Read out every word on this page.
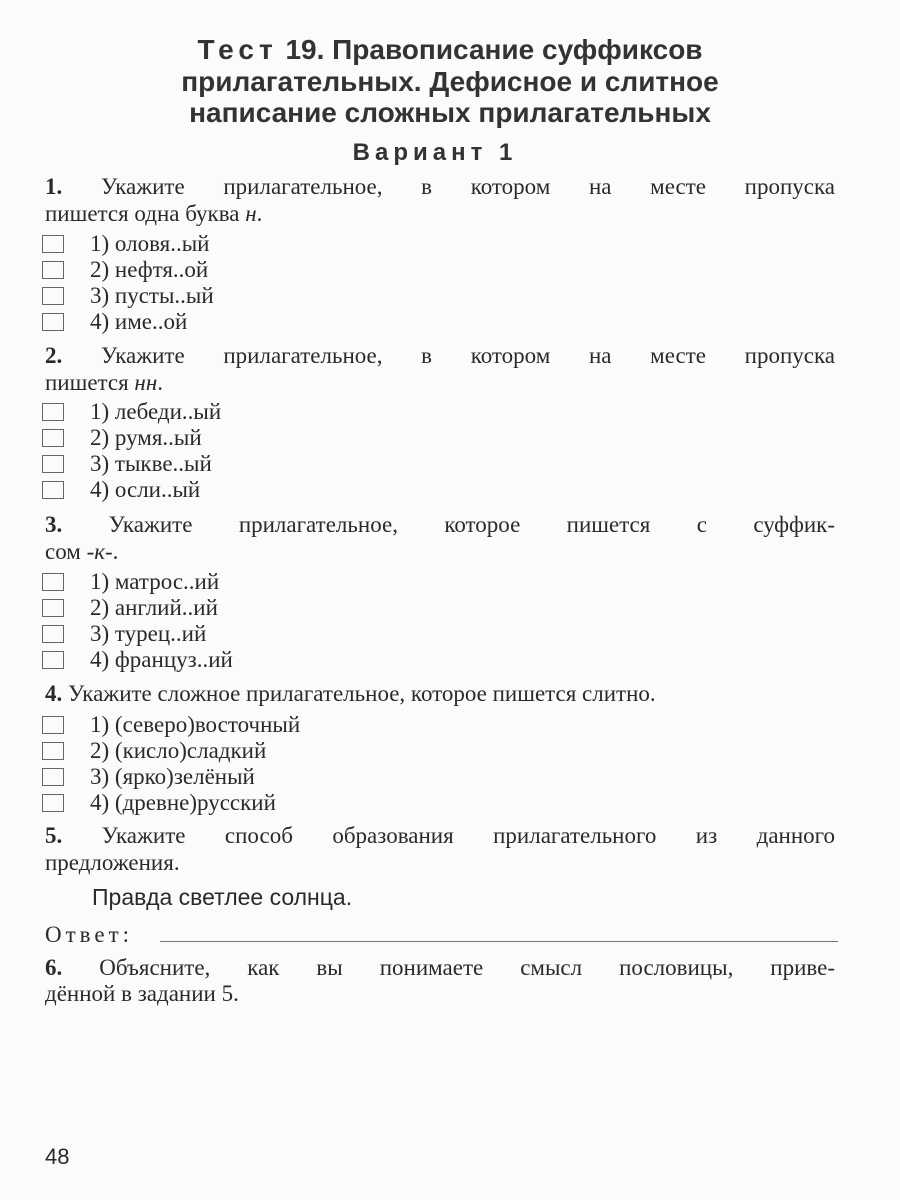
Тест 19. Правописание суффиксов
прилагательных. Дефисное и слитное
написание сложных прилагательных
Вариант 1
1. Укажите прилагательное, в котором на месте пропуска
пишется одна буква н.
1) оловя..ый
2) нефтя..ой
3) пусты..ый
4) име..ой
2. Укажите прилагательное, в котором на месте пропуска
пишется нн.
1) лебеди..ый
2) румя..ый
3) тыкве..ый
4) осли..ый
3. Укажите прилагательное, которое пишется с суффик-
сом -к-.
1) матрос..ий
2) англий..ий
3) турец..ий
4) француз..ий
4. Укажите сложное прилагательное, которое пишется слитно.
1) (северо)восточный
2) (кисло)сладкий
3) (ярко)зелёный
4) (древне)русский
5. Укажите способ образования прилагательного из данного
предложения.
Правда светлее солнца.
Ответ:
6. Объясните, как вы понимаете смысл пословицы, приве-
дённой в задании 5.
48
